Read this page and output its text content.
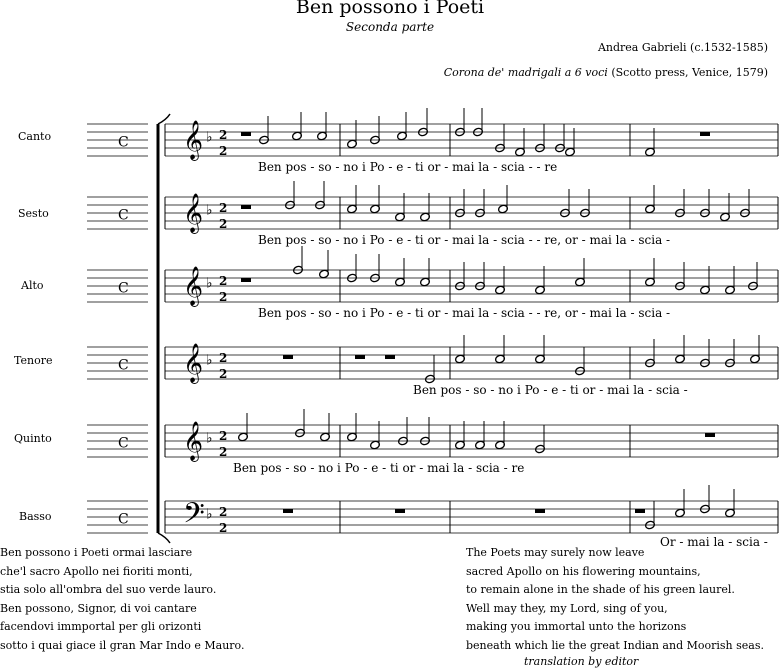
Ben possono i Poeti
Seconda parte
Andrea Gabrieli (c.1532-1585)
Corona de' madrigali a 6 voci (Scotto press, Venice, 1579)
Canto
Sesto
Alto
Tenore
Quinto
Basso
C
C
C
C
C
C
𝄞 ♭ 2
2
𝄞 ♭ 2
2
𝄞 ♭ 2
2
𝄞 ♭ 2
2
𝄞 ♭ 2
2
𝄢 ♭ 2
2
Ben pos - so - no i Po - e - ti or - mai la - scia - - re
Ben pos - so - no i Po - e - ti or - mai la - scia - - re, or - mai la - scia -
Ben pos - so - no i Po - e - ti or - mai la - scia - - re, or - mai la - scia -
Ben pos - so - no i Po - e - ti or - mai la - scia -
Ben pos - so - no i Po - e - ti or - mai la - scia - re
Or - mai la - scia -
Ben possono i Poeti ormai lasciare
che'l sacro Apollo nei fioriti monti,
stia solo all'ombra del suo verde lauro.
Ben possono, Signor, di voi cantare
facendovi immportal per gli orizonti
sotto i quai giace il gran Mar Indo e Mauro.
The Poets may surely now leave
sacred Apollo on his flowering mountains,
to remain alone in the shade of his green laurel.
Well may they, my Lord, sing of you,
making you immortal unto the horizons
beneath which lie the great Indian and Moorish seas.
translation by editor
